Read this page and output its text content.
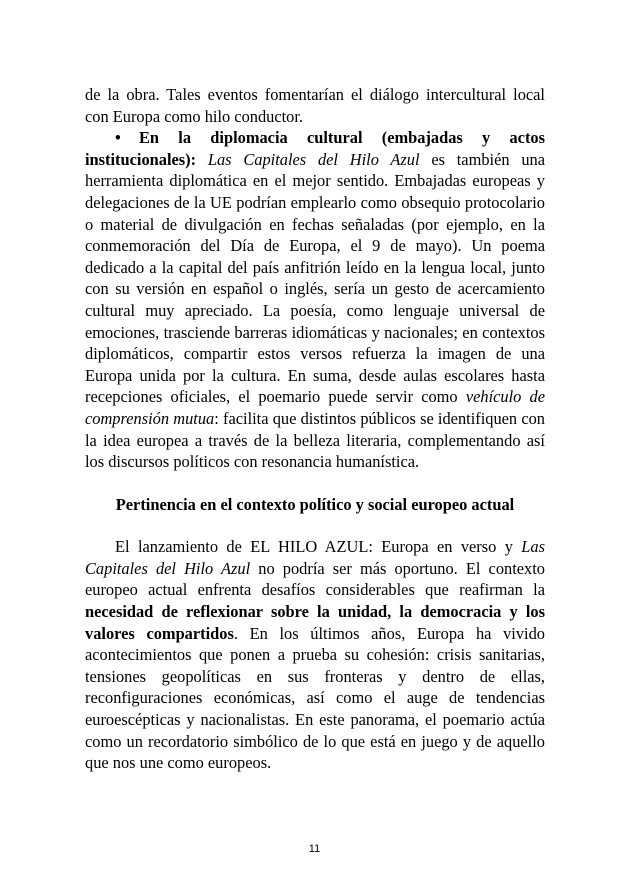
de la obra. Tales eventos fomentarían el diálogo intercultural local con Europa como hilo conductor.

• En la diplomacia cultural (embajadas y actos institucionales): Las Capitales del Hilo Azul es también una herramienta diplomática en el mejor sentido. Embajadas europeas y delegaciones de la UE podrían emplearlo como obsequio protocolario o material de divulgación en fechas señaladas (por ejemplo, en la conmemoración del Día de Europa, el 9 de mayo). Un poema dedicado a la capital del país anfitrión leído en la lengua local, junto con su versión en español o inglés, sería un gesto de acercamiento cultural muy apreciado. La poesía, como lenguaje universal de emociones, trasciende barreras idiomáticas y nacionales; en contextos diplomáticos, compartir estos versos refuerza la imagen de una Europa unida por la cultura. En suma, desde aulas escolares hasta recepciones oficiales, el poemario puede servir como vehículo de comprensión mutua: facilita que distintos públicos se identifiquen con la idea europea a través de la belleza literaria, complementando así los discursos políticos con resonancia humanística.

Pertinencia en el contexto político y social europeo actual

El lanzamiento de EL HILO AZUL: Europa en verso y Las Capitales del Hilo Azul no podría ser más oportuno. El contexto europeo actual enfrenta desafíos considerables que reafirman la necesidad de reflexionar sobre la unidad, la democracia y los valores compartidos. En los últimos años, Europa ha vivido acontecimientos que ponen a prueba su cohesión: crisis sanitarias, tensiones geopolíticas en sus fronteras y dentro de ellas, reconfiguraciones económicas, así como el auge de tendencias euroescépticas y nacionalistas. En este panorama, el poemario actúa como un recordatorio simbólico de lo que está en juego y de aquello que nos une como europeos.

11
